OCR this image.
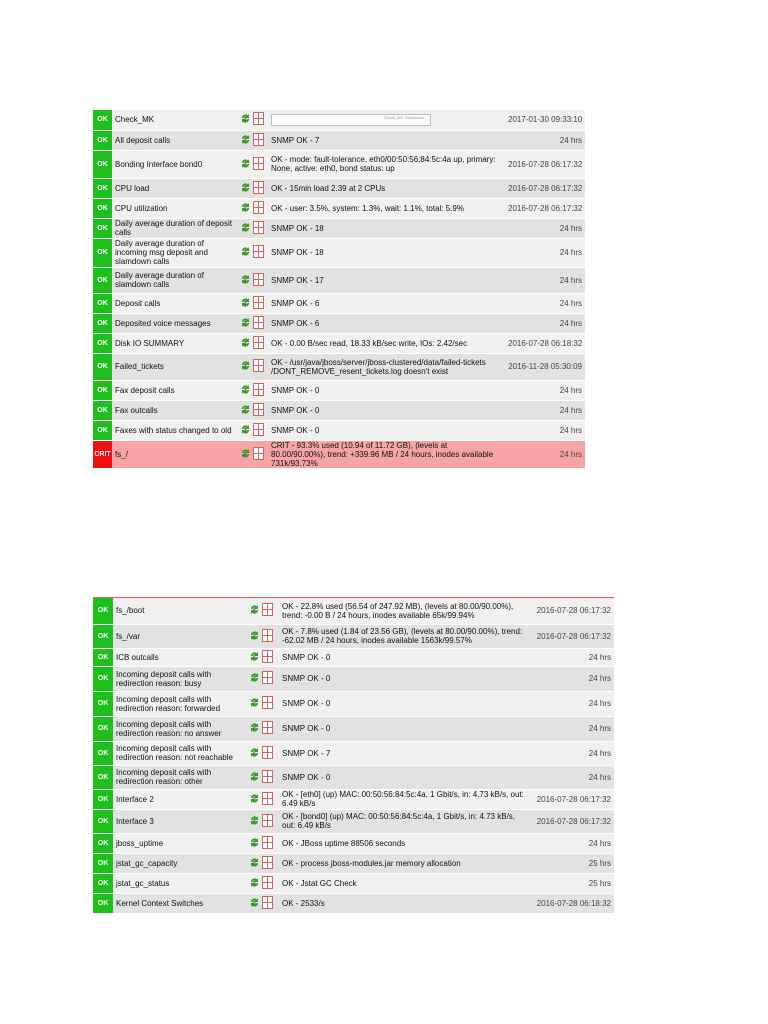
OK	Check_MK	$	Check_MK Thresholds	2017-01-30 09:33:10
OK	All deposit calls	$	SNMP OK - 7	24 hrs
OK	Bonding Interface bond0	$	OK - mode: fault-tolerance, eth0/00:50:56:84:5c:4a up, primary: None, active: eth0, bond status: up	2016-07-28 06:17:32
OK	CPU load	$	OK - 15min load 2.39 at 2 CPUs	2016-07-28 06:17:32
OK	CPU utilization	$	OK - user: 3.5%, system: 1.3%, wait: 1.1%, total: 5.9%	2016-07-28 06:17:32
OK	Daily average duration of deposit calls	$	SNMP OK - 18	24 hrs
OK	Daily average duration of incoming msg deposit and slamdown calls	$	SNMP OK - 18	24 hrs
OK	Daily average duration of slamdown calls	$	SNMP OK - 17	24 hrs
OK	Deposit calls	$	SNMP OK - 6	24 hrs
OK	Deposited voice messages	$	SNMP OK - 6	24 hrs
OK	Disk IO SUMMARY	$	OK - 0.00 B/sec read, 18.33 kB/sec write, IOs: 2.42/sec	2016-07-28 06:18:32
OK	Failed_tickets	$	OK - /usr/java/jboss/server/jboss-clustered/data/failed-tickets /DONT_REMOVE_resent_tickets.log doesn't exist	2016-11-28 05:30:09
OK	Fax deposit calls	$	SNMP OK - 0	24 hrs
OK	Fax outcalls	$	SNMP OK - 0	24 hrs
OK	Faxes with status changed to old	$	SNMP OK - 0	24 hrs
CRIT	fs_/	$	CRIT - 93.3% used (10.94 of 11.72 GB), (levels at 80.00/90.00%), trend: +339.96 MB / 24 hours, inodes available 731k/93.73%	24 hrs
OK	fs_/boot	$	OK - 22.8% used (56.54 of 247.92 MB), (levels at 80.00/90.00%), trend: -0.00 B / 24 hours, inodes available 65k/99.94%	2016-07-28 06:17:32
OK	fs_/var	$	OK - 7.8% used (1.84 of 23.56 GB), (levels at 80.00/90.00%), trend: -62.02 MB / 24 hours, inodes available 1563k/99.57%	2016-07-28 06:17:32
OK	ICB outcalls	$	SNMP OK - 0	24 hrs
OK	Incoming deposit calls with redirection reason: busy	$	SNMP OK - 0	24 hrs
OK	Incoming deposit calls with redirection reason: forwarded	$	SNMP OK - 0	24 hrs
OK	Incoming deposit calls with redirection reason: no answer	$	SNMP OK - 0	24 hrs
OK	Incoming deposit calls with redirection reason: not reachable	$	SNMP OK - 7	24 hrs
OK	Incoming deposit calls with redirection reason: other	$	SNMP OK - 0	24 hrs
OK	Interface 2	$	OK - [eth0] (up) MAC: 00:50:56:84:5c:4a, 1 Gbit/s, in: 4.73 kB/s, out: 6.49 kB/s	2016-07-28 06:17:32
OK	Interface 3	$	OK - [bond0] (up) MAC: 00:50:56:84:5c:4a, 1 Gbit/s, in: 4.73 kB/s, out: 6.49 kB/s	2016-07-28 06:17:32
OK	jboss_uptime	$	OK - JBoss uptime 88506 seconds	24 hrs
OK	jstat_gc_capacity	$	OK - process jboss-modules.jar memory allocation	25 hrs
OK	jstat_gc_status	$	OK - Jstat GC Check	25 hrs
OK	Kernel Context Switches	$	OK - 2533/s	2016-07-28 06:18:32
